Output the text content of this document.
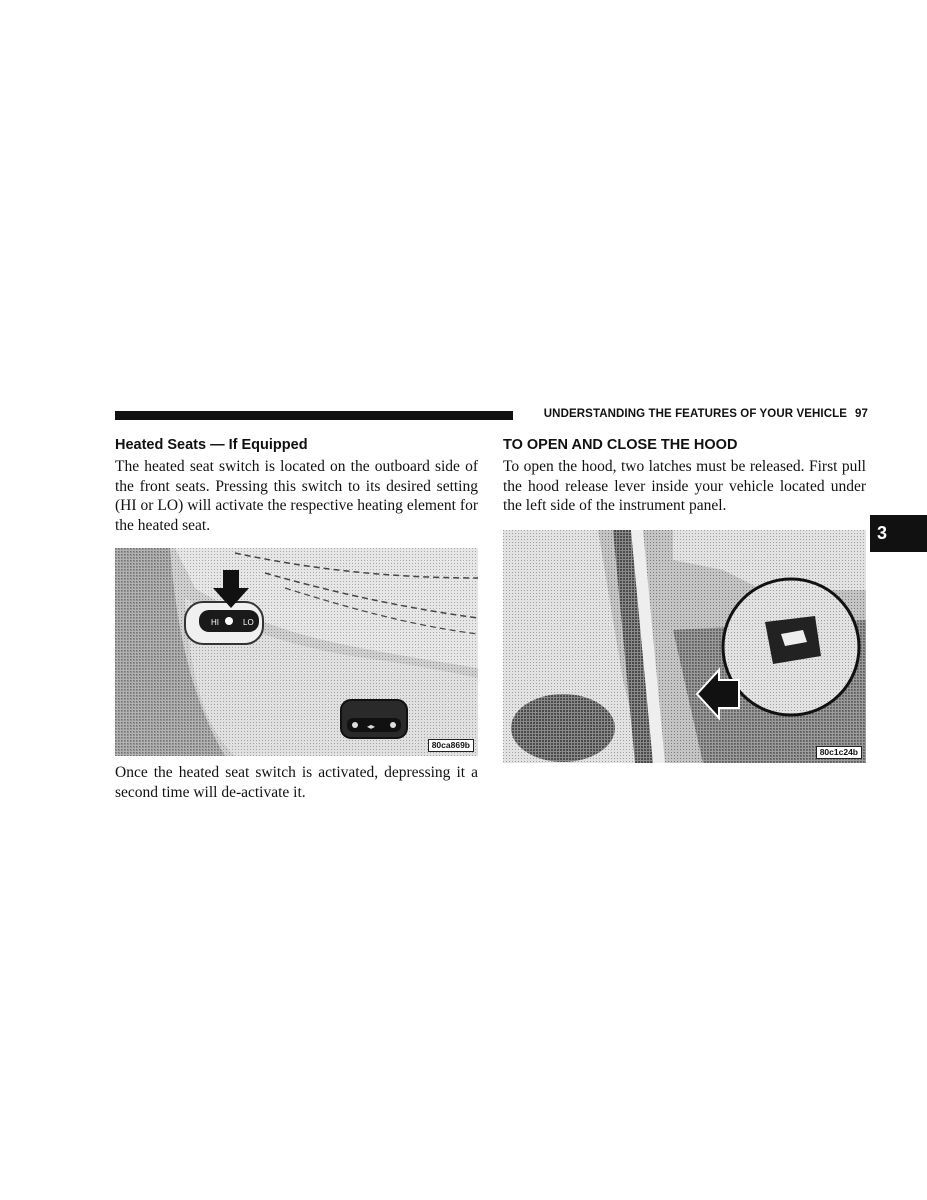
UNDERSTANDING THE FEATURES OF YOUR VEHICLE 97
3
Heated Seats — If Equipped

The heated seat switch is located on the outboard side of the front seats. Pressing this switch to its desired setting (HI or LO) will activate the respective heating element for the heated seat.

HI	LO
◂▸
80ca869b

Once the heated seat switch is activated, depressing it a second time will de-activate it.

TO OPEN AND CLOSE THE HOOD

To open the hood, two latches must be released. First pull the hood release lever inside your vehicle located under the left side of the instrument panel.

80c1c24b
